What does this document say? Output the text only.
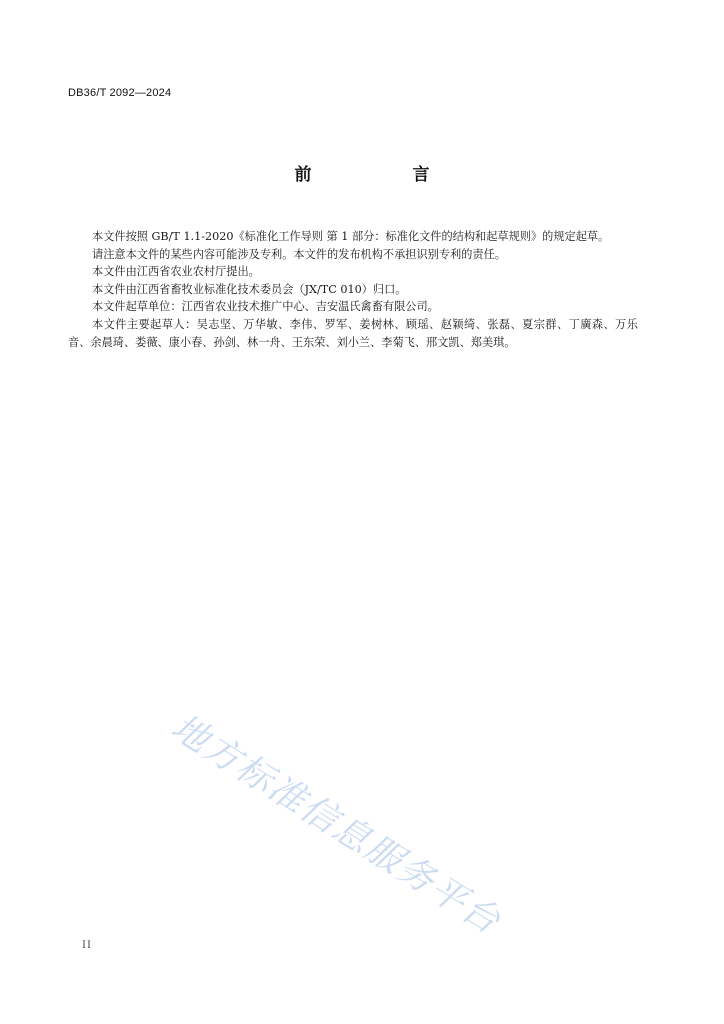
DB36/T 2092—2024
前　言

本文件按照 GB/T 1.1-2020《标准化工作导则 第 1 部分：标准化文件的结构和起草规则》的规定起草。

请注意本文件的某些内容可能涉及专利。本文件的发布机构不承担识别专利的责任。

本文件由江西省农业农村厅提出。

本文件由江西省畜牧业标准化技术委员会（JX/TC 010）归口。

本文件起草单位：江西省农业技术推广中心、吉安温氏禽畜有限公司。

本文件主要起草人：吴志坚、万华敏、李伟、罗军、姜树林、顾瑶、赵颖绮、张磊、夏宗群、丁廣森、万乐音、余晨琦、娄薇、康小春、孙剑、林一舟、王东荣、刘小兰、李菊飞、邢文凯、郑美琪。

地方标准信息服务平台
II
